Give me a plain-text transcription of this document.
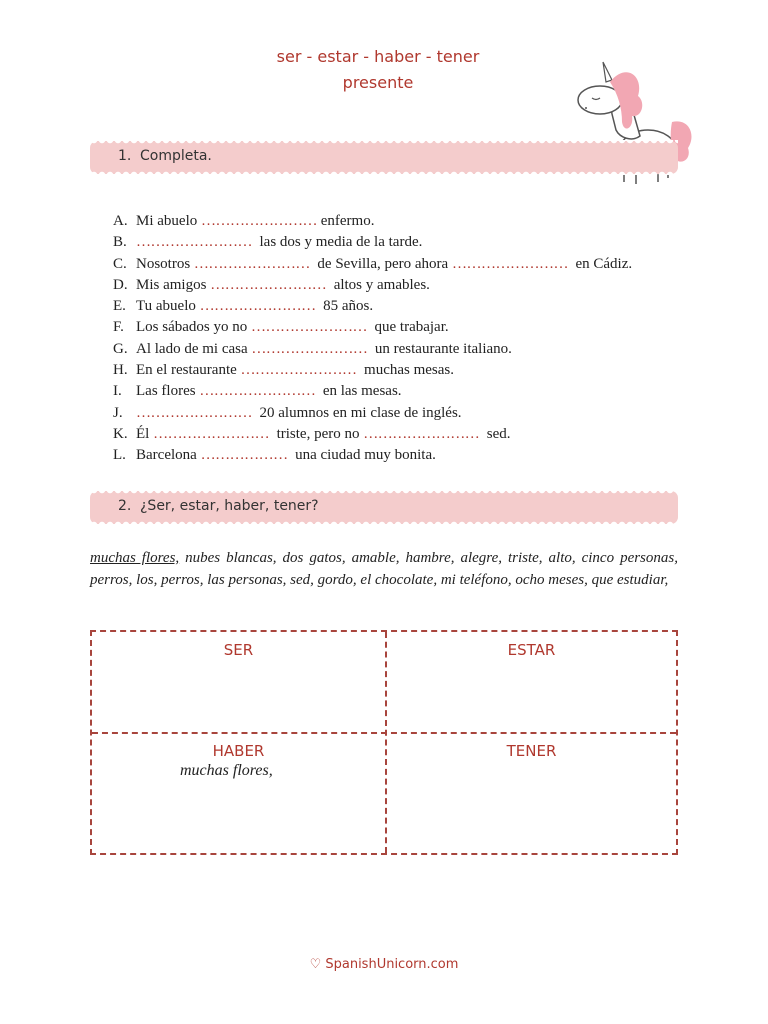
ser - estar - haber - tener
presente
1. Completa.
A. Mi abuelo …………………… enfermo.
B. ……………………  las dos y media de la tarde.
C. Nosotros ……………………  de Sevilla, pero ahora ……………………  en Cádiz.
D. Mis amigos ……………………  altos y amables.
E. Tu abuelo ……………………  85 años.
F. Los sábados yo no ……………………  que trabajar.
G. Al lado de mi casa ……………………  un restaurante italiano.
H. En el restaurante ……………………  muchas mesas.
I. Las flores ……………………  en las mesas.
J. ……………………  20 alumnos en mi clase de inglés.
K. Él ……………………  triste, pero no ……………………  sed.
L. Barcelona ………………  una ciudad muy bonita.
2. ¿Ser, estar, haber, tener?

muchas flores, nubes blancas, dos gatos, amable, hambre, alegre, triste, alto, cinco personas, perros, los, perros, las personas, sed, gordo, el chocolate, mi teléfono, ocho meses, que estudiar,

SER	ESTAR
HABER	TENER
muchas flores,
♡ SpanishUnicorn.com
